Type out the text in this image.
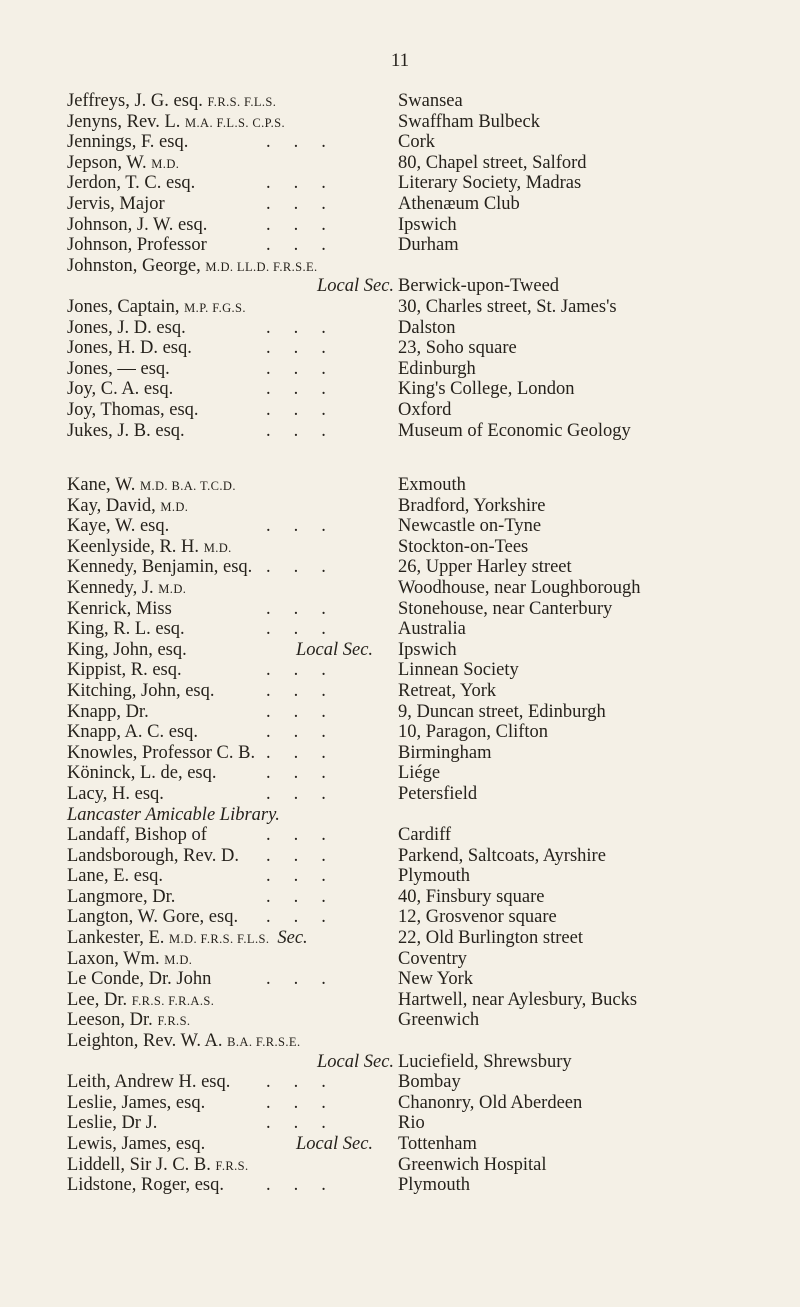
11
Jeffreys, J. G. esq. F.R.S. F.L.S.	Swansea
Jenyns, Rev. L. M.A. F.L.S. C.P.S.	Swaffham Bulbeck
Jennings, F. esq.	...	Cork
Jepson, W. M.D.	80, Chapel street, Salford
Jerdon, T. C. esq.	...	Literary Society, Madras
Jervis, Major	...	Athenæum Club
Johnson, J. W. esq.	...	Ipswich
Johnson, Professor	...	Durham
Johnston, George, M.D. LL.D. F.R.S.E.
Local Sec. Berwick-upon-Tweed
Jones, Captain, M.P. F.G.S.	30, Charles street, St. James's
Jones, J. D. esq.	...	Dalston
Jones, H. D. esq.	...	23, Soho square
Jones, — esq.	...	Edinburgh
Joy, C. A. esq.	...	King's College, London
Joy, Thomas, esq.	...	Oxford
Jukes, J. B. esq.	...	Museum of Economic Geology
Kane, W. M.D. B.A. T.C.D.	Exmouth
Kay, David, M.D.	Bradford, Yorkshire
Kaye, W. esq.	...	Newcastle on-Tyne
Keenlyside, R. H. M.D.	Stockton-on-Tees
Kennedy, Benjamin, esq. ...	26, Upper Harley street
Kennedy, J. M.D.	Woodhouse, near Loughborough
Kenrick, Miss	...	Stonehouse, near Canterbury
King, R. L. esq.	...	Australia
King, John, esq.	Local Sec. Ipswich
Kippist, R. esq.	...	Linnean Society
Kitching, John, esq.	...	Retreat, York
Knapp, Dr.	...	9, Duncan street, Edinburgh
Knapp, A. C. esq.	...	10, Paragon, Clifton
Knowles, Professor C. B. ...	Birmingham
Köninck, L. de, esq.	...	Liége
Lacy, H. esq.	...	Petersfield
Lancaster Amicable Library.
Landaff, Bishop of	...	Cardiff
Landsborough, Rev. D. ...	Parkend, Saltcoats, Ayrshire
Lane, E. esq.	...	Plymouth
Langmore, Dr.	...	40, Finsbury square
Langton, W. Gore, esq. ...	12, Grosvenor square
Lankester, E. M.D. F.R.S. F.L.S. Sec.	22, Old Burlington street
Laxon, Wm. M.D.	Coventry
Le Conde, Dr. John	...	New York
Lee, Dr. F.R.S. F.R.A.S.	Hartwell, near Aylesbury, Bucks
Leeson, Dr. F.R.S.	Greenwich
Leighton, Rev. W. A. B.A. F.R.S.E.
Local Sec. Luciefield, Shrewsbury
Leith, Andrew H. esq. ...	Bombay
Leslie, James, esq.	...	Chanonry, Old Aberdeen
Leslie, Dr J.	...	Rio
Lewis, James, esq.	Local Sec. Tottenham
Liddell, Sir J. C. B. F.R.S.	Greenwich Hospital
Lidstone, Roger, esq. ...	Plymouth
